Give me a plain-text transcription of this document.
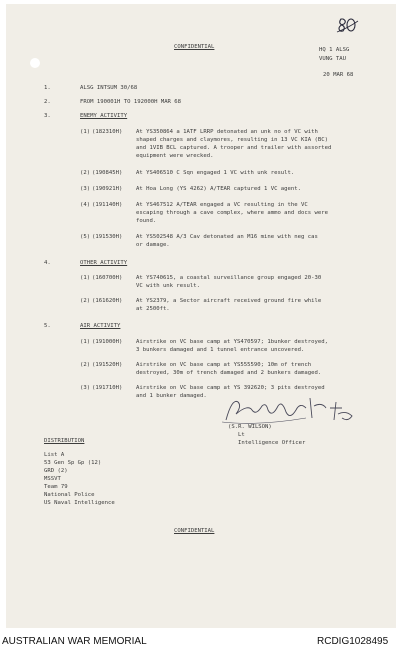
CONFIDENTIAL	HQ 1 ALSG
VUNG TAU
20 MAR 68
1.	ALSG INTSUM 30/68
2.	FROM 190001H TO 192000H MAR 68
3.	ENEMY ACTIVITY
(1) (182310H) At YS350864 a 1ATF LRRP detonated an unk no of VC with
shaped charges and claymores, resulting in 13 VC KIA (BC)
and 1VIB BCL captured. A trooper and trailer with assorted
equipment were wrecked.
(2) (190845H) At YS406510 C Sqn engaged 1 VC with unk result.
(3) (190921H) At Hoa Long (YS 4262) A/TEAR captured 1 VC agent.
(4) (191140H) At YS467512 A/TEAR engaged a VC resulting in the VC
escaping through a cave complex, where ammo and docs were
found.
(5) (191530H) At YS502548 A/3 Cav detonated an M16 mine with neg cas
or damage.
4.	OTHER ACTIVITY
(1) (160700H) At YS740615, a coastal surveillance group engaged 20-30
VC with unk result.
(2) (161620H) At YS2379, a Sector aircraft received ground fire while
at 2500ft.
5.	AIR ACTIVITY
(1) (191000H) Airstrike on VC base camp at YS470597; 1bunker destroyed,
3 bunkers damaged and 1 tunnel entrance uncovered.
(2) (191520H) Airstrike on VC base camp at YS555590; 10m of trench
destroyed, 30m of trench damaged and 2 bunkers damaged.
(3) (191710H) Airstrike on VC base camp at YS 392620; 3 pits destroyed
and 1 bunker damaged.
(S.R. WILSON)
Lt
Intelligence Officer
DISTRIBUTION
List A
53 Gen Sp Gp (12)
GRD (2)
MSSVT
Team 79
National Police
US Naval Intelligence
CONFIDENTIAL
AUSTRALIAN WAR MEMORIAL	RCDIG1028495
